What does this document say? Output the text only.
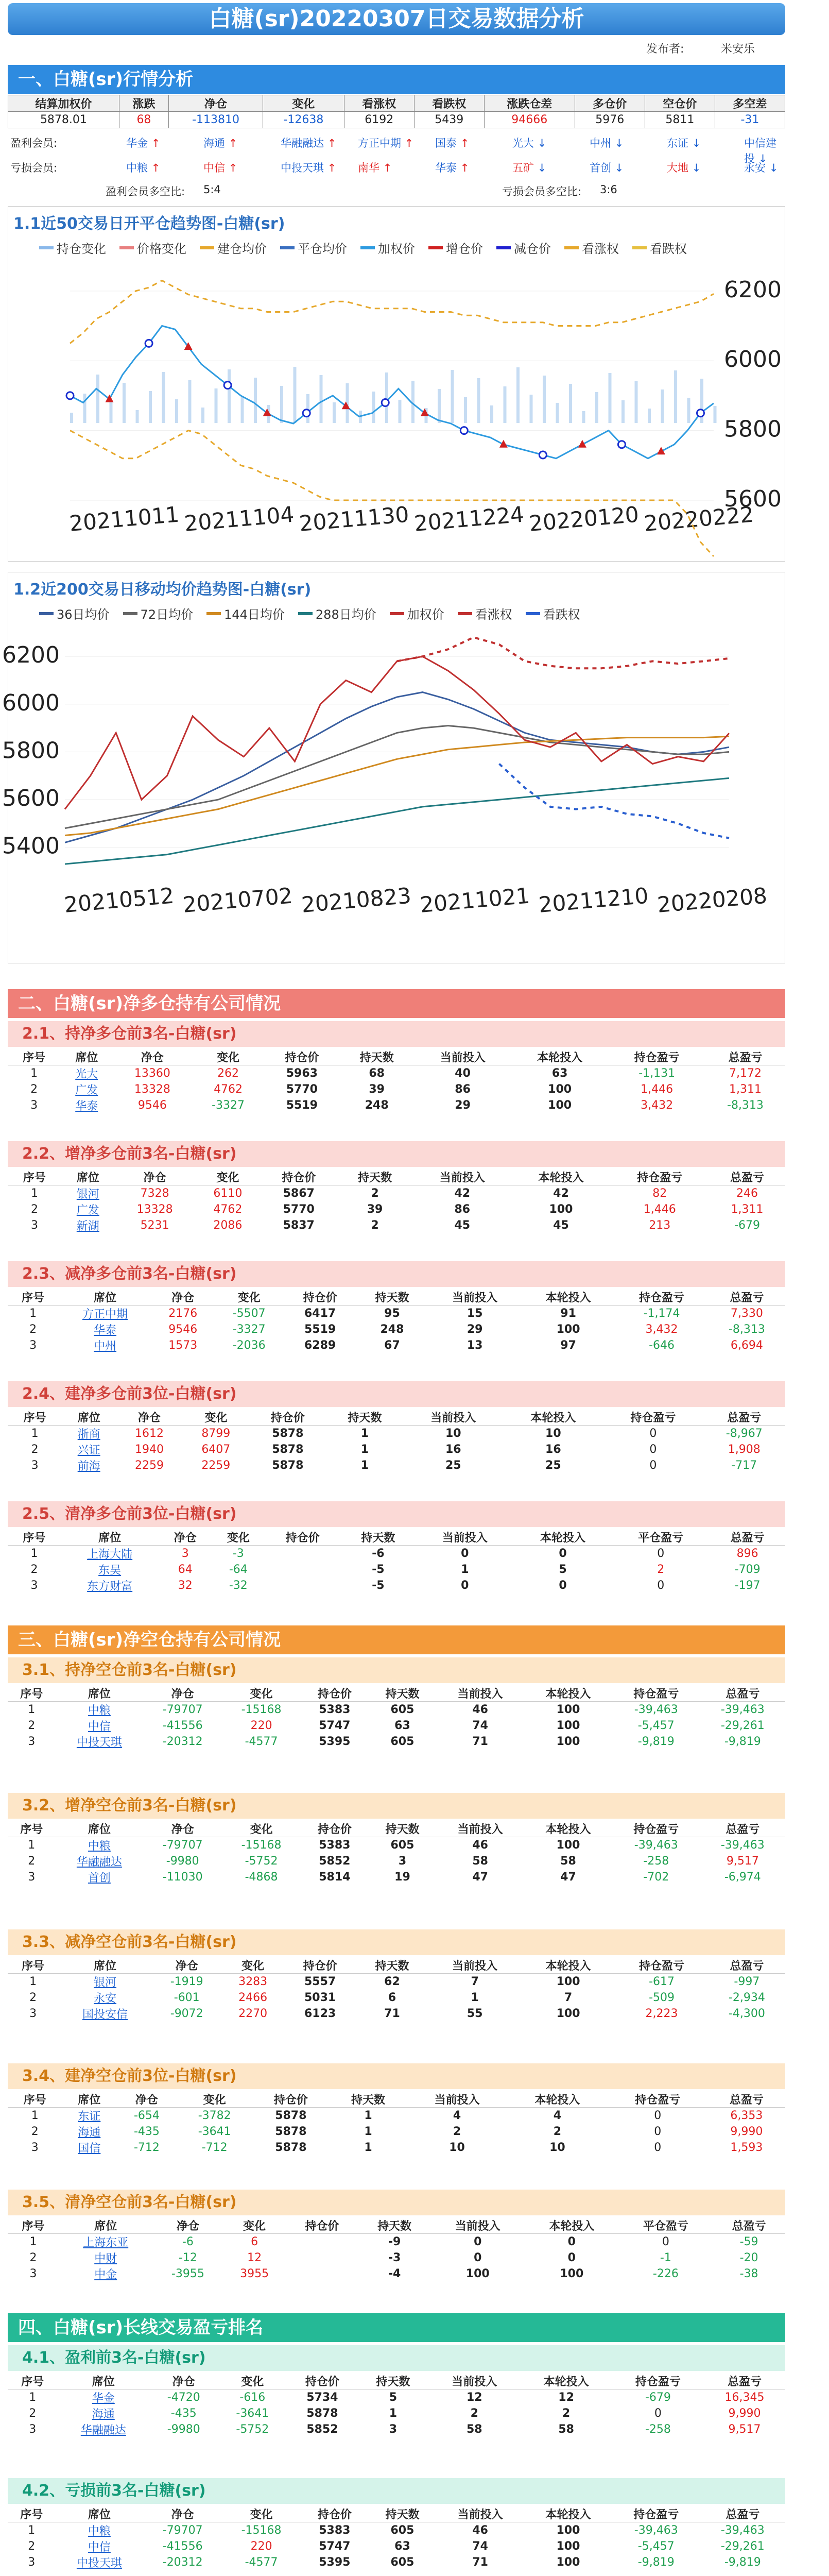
白糖(sr)20220307日交易数据分析
发布者:	米安乐
一、白糖(sr)行情分析
结算加权价	涨跌	净仓	变化	看涨权	看跌权	涨跌仓差	多仓价	空仓价	多空差
5878.01	68	-113810	-12638	6192	5439	94666	5976	5811	-31
盈利会员:	华金 ↑	海通 ↑	华融融达 ↑ 方正中期 ↑ 国泰 ↑	光大 ↓	中州 ↓	东证 ↓	中信建投 ↓
亏损会员:	中粮 ↑	中信 ↑	中投天琪 ↑ 南华 ↑	华泰 ↑	五矿 ↓	首创 ↓	大地 ↓	永安 ↓
盈利会员多空比: 5:4	亏损会员多空比: 3:6
1.1近50交易日开平仓趋势图-白糖(sr)
持仓变化	价格变化	建仓均价	平仓均价	加权价	增仓价	减仓价	看涨权	看跌权
6200
6000
5800
5600
20211011 20211104 20211130 20211224 20220120 20220222
1.2近200交易日移动均价趋势图-白糖(sr)
36日均价	72日均价	144日均价	288日均价	加权价	看涨权	看跌权
6200
6000
5800
5600
5400
20210512 20210702 20210823 20211021 20211210 20220208
二、白糖(sr)净多仓持有公司情况
三、白糖(sr)净空仓持有公司情况
四、白糖(sr)长线交易盈亏排名
2.1、持净多仓前3名-白糖(sr)
序号	席位	净仓	变化	持仓价	持天数	当前投入	本轮投入	持仓盈亏	总盈亏
1	光大	13360	262	5963	68	40	63	-1,131	7,172
2	广发	13328	4762	5770	39	86	100	1,446	1,311
3	华泰	9546	-3327	5519	248	29	100	3,432	-8,313
2.2、增净多仓前3名-白糖(sr)
序号	席位	净仓	变化	持仓价	持天数	当前投入	本轮投入	持仓盈亏	总盈亏
1	银河	7328	6110	5867	2	42	42	82	246
2	广发	13328	4762	5770	39	86	100	1,446	1,311
3	新湖	5231	2086	5837	2	45	45	213	-679
2.3、减净多仓前3名-白糖(sr)
序号	席位	净仓	变化	持仓价	持天数	当前投入	本轮投入	持仓盈亏	总盈亏
1	方正中期	2176	-5507	6417	95	15	91	-1,174	7,330
2	华泰	9546	-3327	5519	248	29	100	3,432	-8,313
3	中州	1573	-2036	6289	67	13	97	-646	6,694
2.4、建净多仓前3位-白糖(sr)
序号	席位	净仓	变化	持仓价	持天数	当前投入	本轮投入	持仓盈亏	总盈亏
1	浙商	1612	8799	5878	1	10	10	0	-8,967
2	兴证	1940	6407	5878	1	16	16	0	1,908
3	前海	2259	2259	5878	1	25	25	0	-717
2.5、清净多仓前3位-白糖(sr)
序号	席位	净仓	变化	持仓价	持天数	当前投入	本轮投入	平仓盈亏	总盈亏
1	上海大陆	3	-3		-6	0	0	0	896
2	东吴	64	-64		-5	1	5	2	-709
3	东方财富	32	-32		-5	0	0	0	-197
3.1、持净空仓前3名-白糖(sr)
序号	席位	净仓	变化	持仓价	持天数	当前投入	本轮投入	持仓盈亏	总盈亏
1	中粮	-79707	-15168	5383	605	46	100	-39,463	-39,463
2	中信	-41556	220	5747	63	74	100	-5,457	-29,261
3	中投天琪	-20312	-4577	5395	605	71	100	-9,819	-9,819
3.2、增净空仓前3名-白糖(sr)
序号	席位	净仓	变化	持仓价	持天数	当前投入	本轮投入	持仓盈亏	总盈亏
1	中粮	-79707	-15168	5383	605	46	100	-39,463	-39,463
2	华融融达	-9980	-5752	5852	3	58	58	-258	9,517
3	首创	-11030	-4868	5814	19	47	47	-702	-6,974
3.3、减净空仓前3名-白糖(sr)
序号	席位	净仓	变化	持仓价	持天数	当前投入	本轮投入	持仓盈亏	总盈亏
1	银河	-1919	3283	5557	62	7	100	-617	-997
2	永安	-601	2466	5031	6	1	7	-509	-2,934
3	国投安信	-9072	2270	6123	71	55	100	2,223	-4,300
3.4、建净空仓前3位-白糖(sr)
序号	席位	净仓	变化	持仓价	持天数	当前投入	本轮投入	持仓盈亏	总盈亏
1	东证	-654	-3782	5878	1	4	4	0	6,353
2	海通	-435	-3641	5878	1	2	2	0	9,990
3	国信	-712	-712	5878	1	10	10	0	1,593
3.5、清净空仓前3名-白糖(sr)
序号	席位	净仓	变化	持仓价	持天数	当前投入	本轮投入	平仓盈亏	总盈亏
1	上海东亚	-6	6		-9	0	0	0	-59
2	中财	-12	12		-3	0	0	-1	-20
3	中金	-3955	3955		-4	100	100	-226	-38
4.1、盈利前3名-白糖(sr)
序号	席位	净仓	变化	持仓价	持天数	当前投入	本轮投入	持仓盈亏	总盈亏
1	华金	-4720	-616	5734	5	12	12	-679	16,345
2	海通	-435	-3641	5878	1	2	2	0	9,990
3	华融融达	-9980	-5752	5852	3	58	58	-258	9,517
4.2、亏损前3名-白糖(sr)
序号	席位	净仓	变化	持仓价	持天数	当前投入	本轮投入	持仓盈亏	总盈亏
1	中粮	-79707	-15168	5383	605	46	100	-39,463	-39,463
2	中信	-41556	220	5747	63	74	100	-5,457	-29,261
3	中投天琪	-20312	-4577	5395	605	71	100	-9,819	-9,819
